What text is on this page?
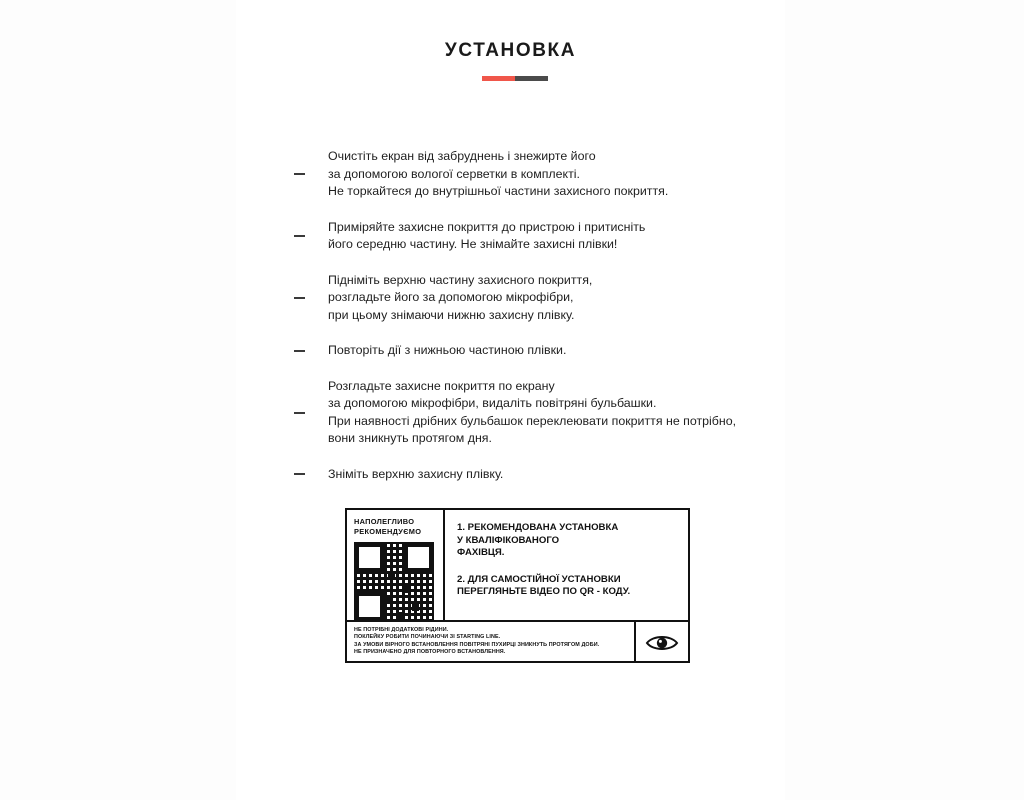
УСТАНОВКА
Очистіть екран від забруднень і знежирте його
за допомогою вологої серветки в комплекті.
Не торкайтеся до внутрішньої частини захисного покриття.
Приміряйте захисне покриття до пристрою і притисніть
його середню частину. Не знімайте захисні плівки!
Підніміть верхню частину захисного покриття,
розгладьте його за допомогою мікрофібри,
при цьому знімаючи нижню захисну плівку.
Повторіть дії з нижньою частиною плівки.
Розгладьте захисне покриття по екрану
за допомогою мікрофібри, видаліть повітряні бульбашки.
При наявності дрібних бульбашок переклеювати покриття не потрібно,
вони зникнуть протягом дня.
Зніміть верхню захисну плівку.
НАПОЛЕГЛИВО
РЕКОМЕНДУЄМО	1. РЕКОМЕНДОВАНА УСТАНОВКА
У КВАЛІФІКОВАНОГО
ФАХІВЦЯ.
2. ДЛЯ САМОСТІЙНОЇ УСТАНОВКИ
ПЕРЕГЛЯНЬТЕ ВІДЕО ПО QR - КОДУ.
НЕ ПОТРІБНІ ДОДАТКОВІ РІДИНИ.
ПОКЛЕЙКУ РОБИТИ ПОЧИНАЮЧИ ЗІ STARTING LINE.
ЗА УМОВИ ВІРНОГО ВСТАНОВЛЕННЯ ПОВІТРЯНІ ПУХИРЦІ ЗНИКНУТЬ ПРОТЯГОМ ДОБИ.
НЕ ПРИЗНАЧЕНО ДЛЯ ПОВТОРНОГО ВСТАНОВЛЕННЯ.
